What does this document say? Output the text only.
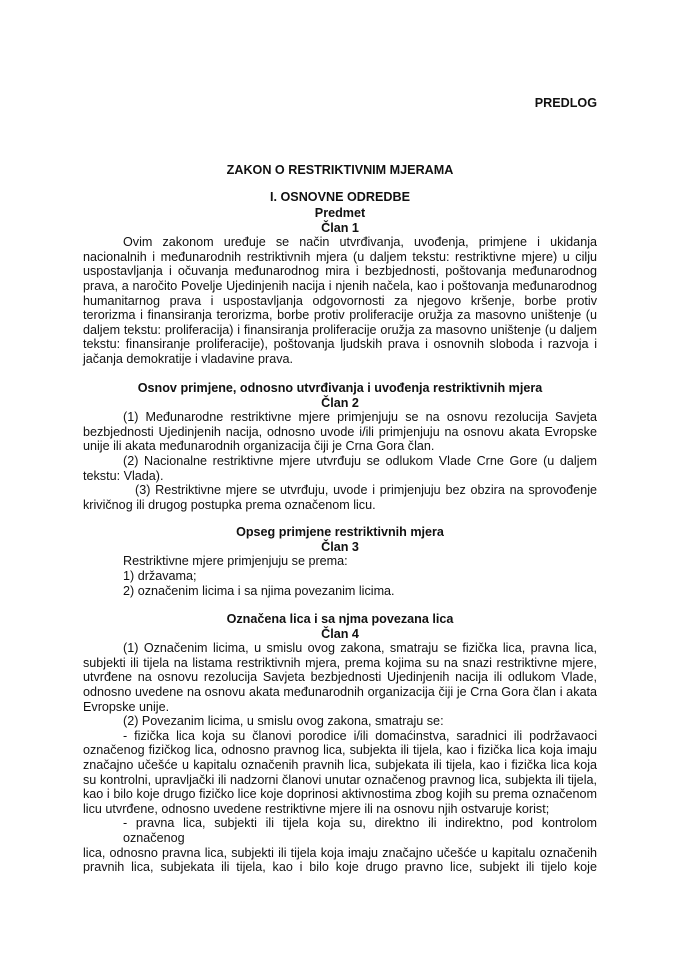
PREDLOG
ZAKON O RESTRIKTIVNIM MJERAMA
I. OSNOVNE ODREDBE
Predmet
Član 1
Ovim zakonom uređuje se način utvrđivanja, uvođenja, primjene i ukidanja
nacionalnih i međunarodnih restriktivnih mjera (u daljem tekstu: restriktivne mjere) u cilju
uspostavljanja i očuvanja međunarodnog mira i bezbjednosti, poštovanja međunarodnog
prava, a naročito Povelje Ujedinjenih nacija i njenih načela, kao i poštovanja međunarodnog
humanitarnog prava i uspostavljanja odgovornosti za njegovo kršenje, borbe protiv
terorizma i finansiranja terorizma, borbe protiv proliferacije oružja za masovno uništenje (u
daljem tekstu: proliferacija) i finansiranja proliferacije oružja za masovno uništenje (u daljem
tekstu: finansiranje proliferacije), poštovanja ljudskih prava i osnovnih sloboda i razvoja i
jačanja demokratije i vladavine prava.
Osnov primjene, odnosno utvrđivanja i uvođenja restriktivnih mjera
Član 2
(1) Međunarodne restriktivne mjere primjenjuju se na osnovu rezolucija Savjeta
bezbjednosti Ujedinjenih nacija, odnosno uvode i/ili primjenjuju na osnovu akata Evropske
unije ili akata međunarodnih organizacija čiji je Crna Gora član.
(2) Nacionalne restriktivne mjere utvrđuju se odlukom Vlade Crne Gore (u daljem
tekstu: Vlada).
(3) Restriktivne mjere se utvrđuju, uvode i primjenjuju bez obzira na sprovođenje
krivičnog ili drugog postupka prema označenom licu.
Opseg primjene restriktivnih mjera
Član 3
Restriktivne mjere primjenjuju se prema:
1) državama;
2) označenim licima i sa njima povezanim licima.
Označena lica i sa njma povezana lica
Član 4
(1) Označenim licima, u smislu ovog zakona, smatraju se fizička lica, pravna lica,
subjekti ili tijela na listama restriktivnih mjera, prema kojima su na snazi restriktivne mjere,
utvrđene na osnovu rezolucija Savjeta bezbjednosti Ujedinjenih nacija ili odlukom Vlade,
odnosno uvedene na osnovu akata međunarodnih organizacija čiji je Crna Gora član i akata
Evropske unije.
(2) Povezanim licima, u smislu ovog zakona, smatraju se:
- fizička lica koja su članovi porodice i/ili domaćinstva, saradnici ili podržavaoci
označenog fizičkog lica, odnosno pravnog lica, subjekta ili tijela, kao i fizička lica koja imaju
značajno učešće u kapitalu označenih pravnih lica, subjekata ili tijela, kao i fizička lica koja
su kontrolni, upravljački ili nadzorni članovi unutar označenog pravnog lica, subjekta ili tijela,
kao i bilo koje drugo fizičko lice koje doprinosi aktivnostima zbog kojih su prema označenom
licu utvrđene, odnosno uvedene restriktivne mjere ili na osnovu njih ostvaruje korist;
- pravna lica, subjekti ili tijela koja su, direktno ili indirektno, pod kontrolom
označenog
lica, odnosno pravna lica, subjekti ili tijela koja imaju značajno učešće u kapitalu označenih
pravnih lica, subjekata ili tijela, kao i bilo koje drugo pravno lice, subjekt ili tijelo koje
